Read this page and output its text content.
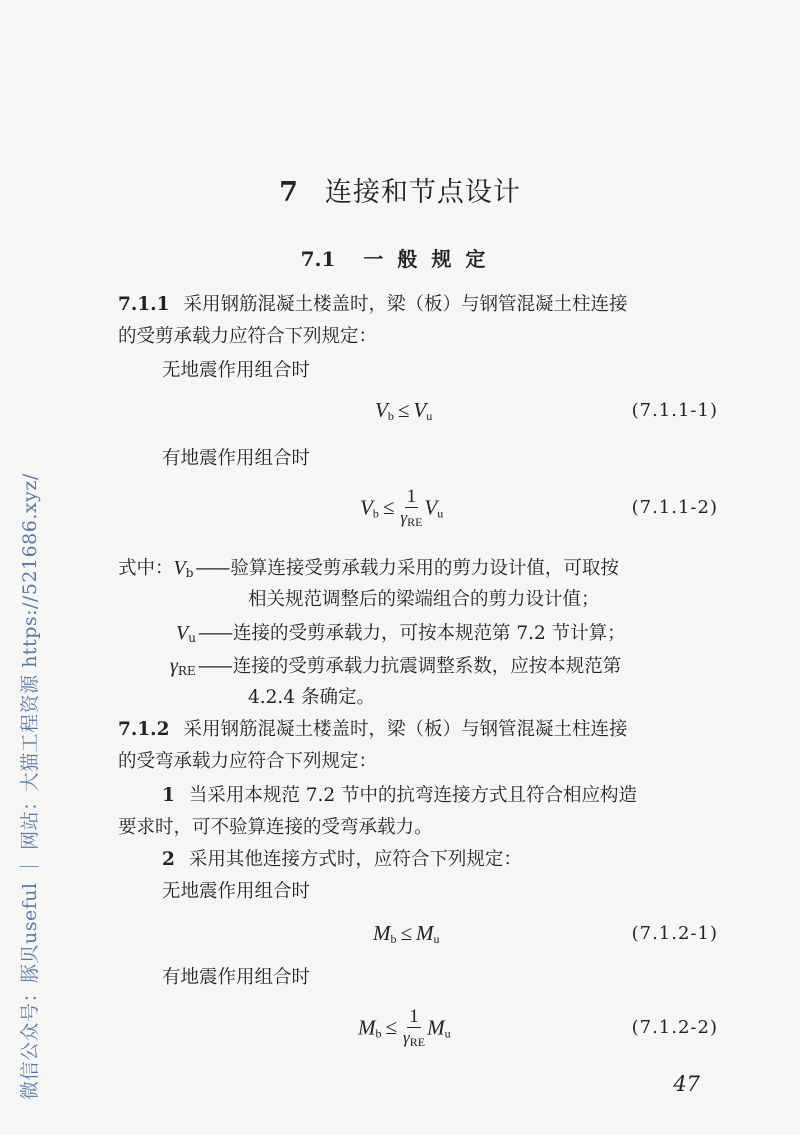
7 连接和节点设计
7.1 一般规定
7.1.1 采用钢筋混凝土楼盖时，梁（板）与钢管混凝土柱连接
的受剪承载力应符合下列规定：
无地震作用组合时
$V_b \le V_u$	(7.1.1-1)
有地震作用组合时
$V_b \le \frac{1}{\gamma_{RE}} V_u$	(7.1.1-2)
式中：$V_b$ —— 验算连接受剪承载力采用的剪力设计值，可取按
相关规范调整后的梁端组合的剪力设计值；
$V_u$ —— 连接的受剪承载力，可按本规范第 7.2 节计算；
$\gamma_{RE}$ —— 连接的受剪承载力抗震调整系数，应按本规范第
4.2.4 条确定。
7.1.2 采用钢筋混凝土楼盖时，梁（板）与钢管混凝土柱连接
的受弯承载力应符合下列规定：
1 当采用本规范 7.2 节中的抗弯连接方式且符合相应构造
要求时，可不验算连接的受弯承载力。
2 采用其他连接方式时，应符合下列规定：
无地震作用组合时
$M_b \le M_u$	(7.1.2-1)
有地震作用组合时
$M_b \le \frac{1}{\gamma_{RE}} M_u$	(7.1.2-2)
47
微信公众号：豚贝useful ｜ 网站：大猫工程资源 https://521686.xyz/
